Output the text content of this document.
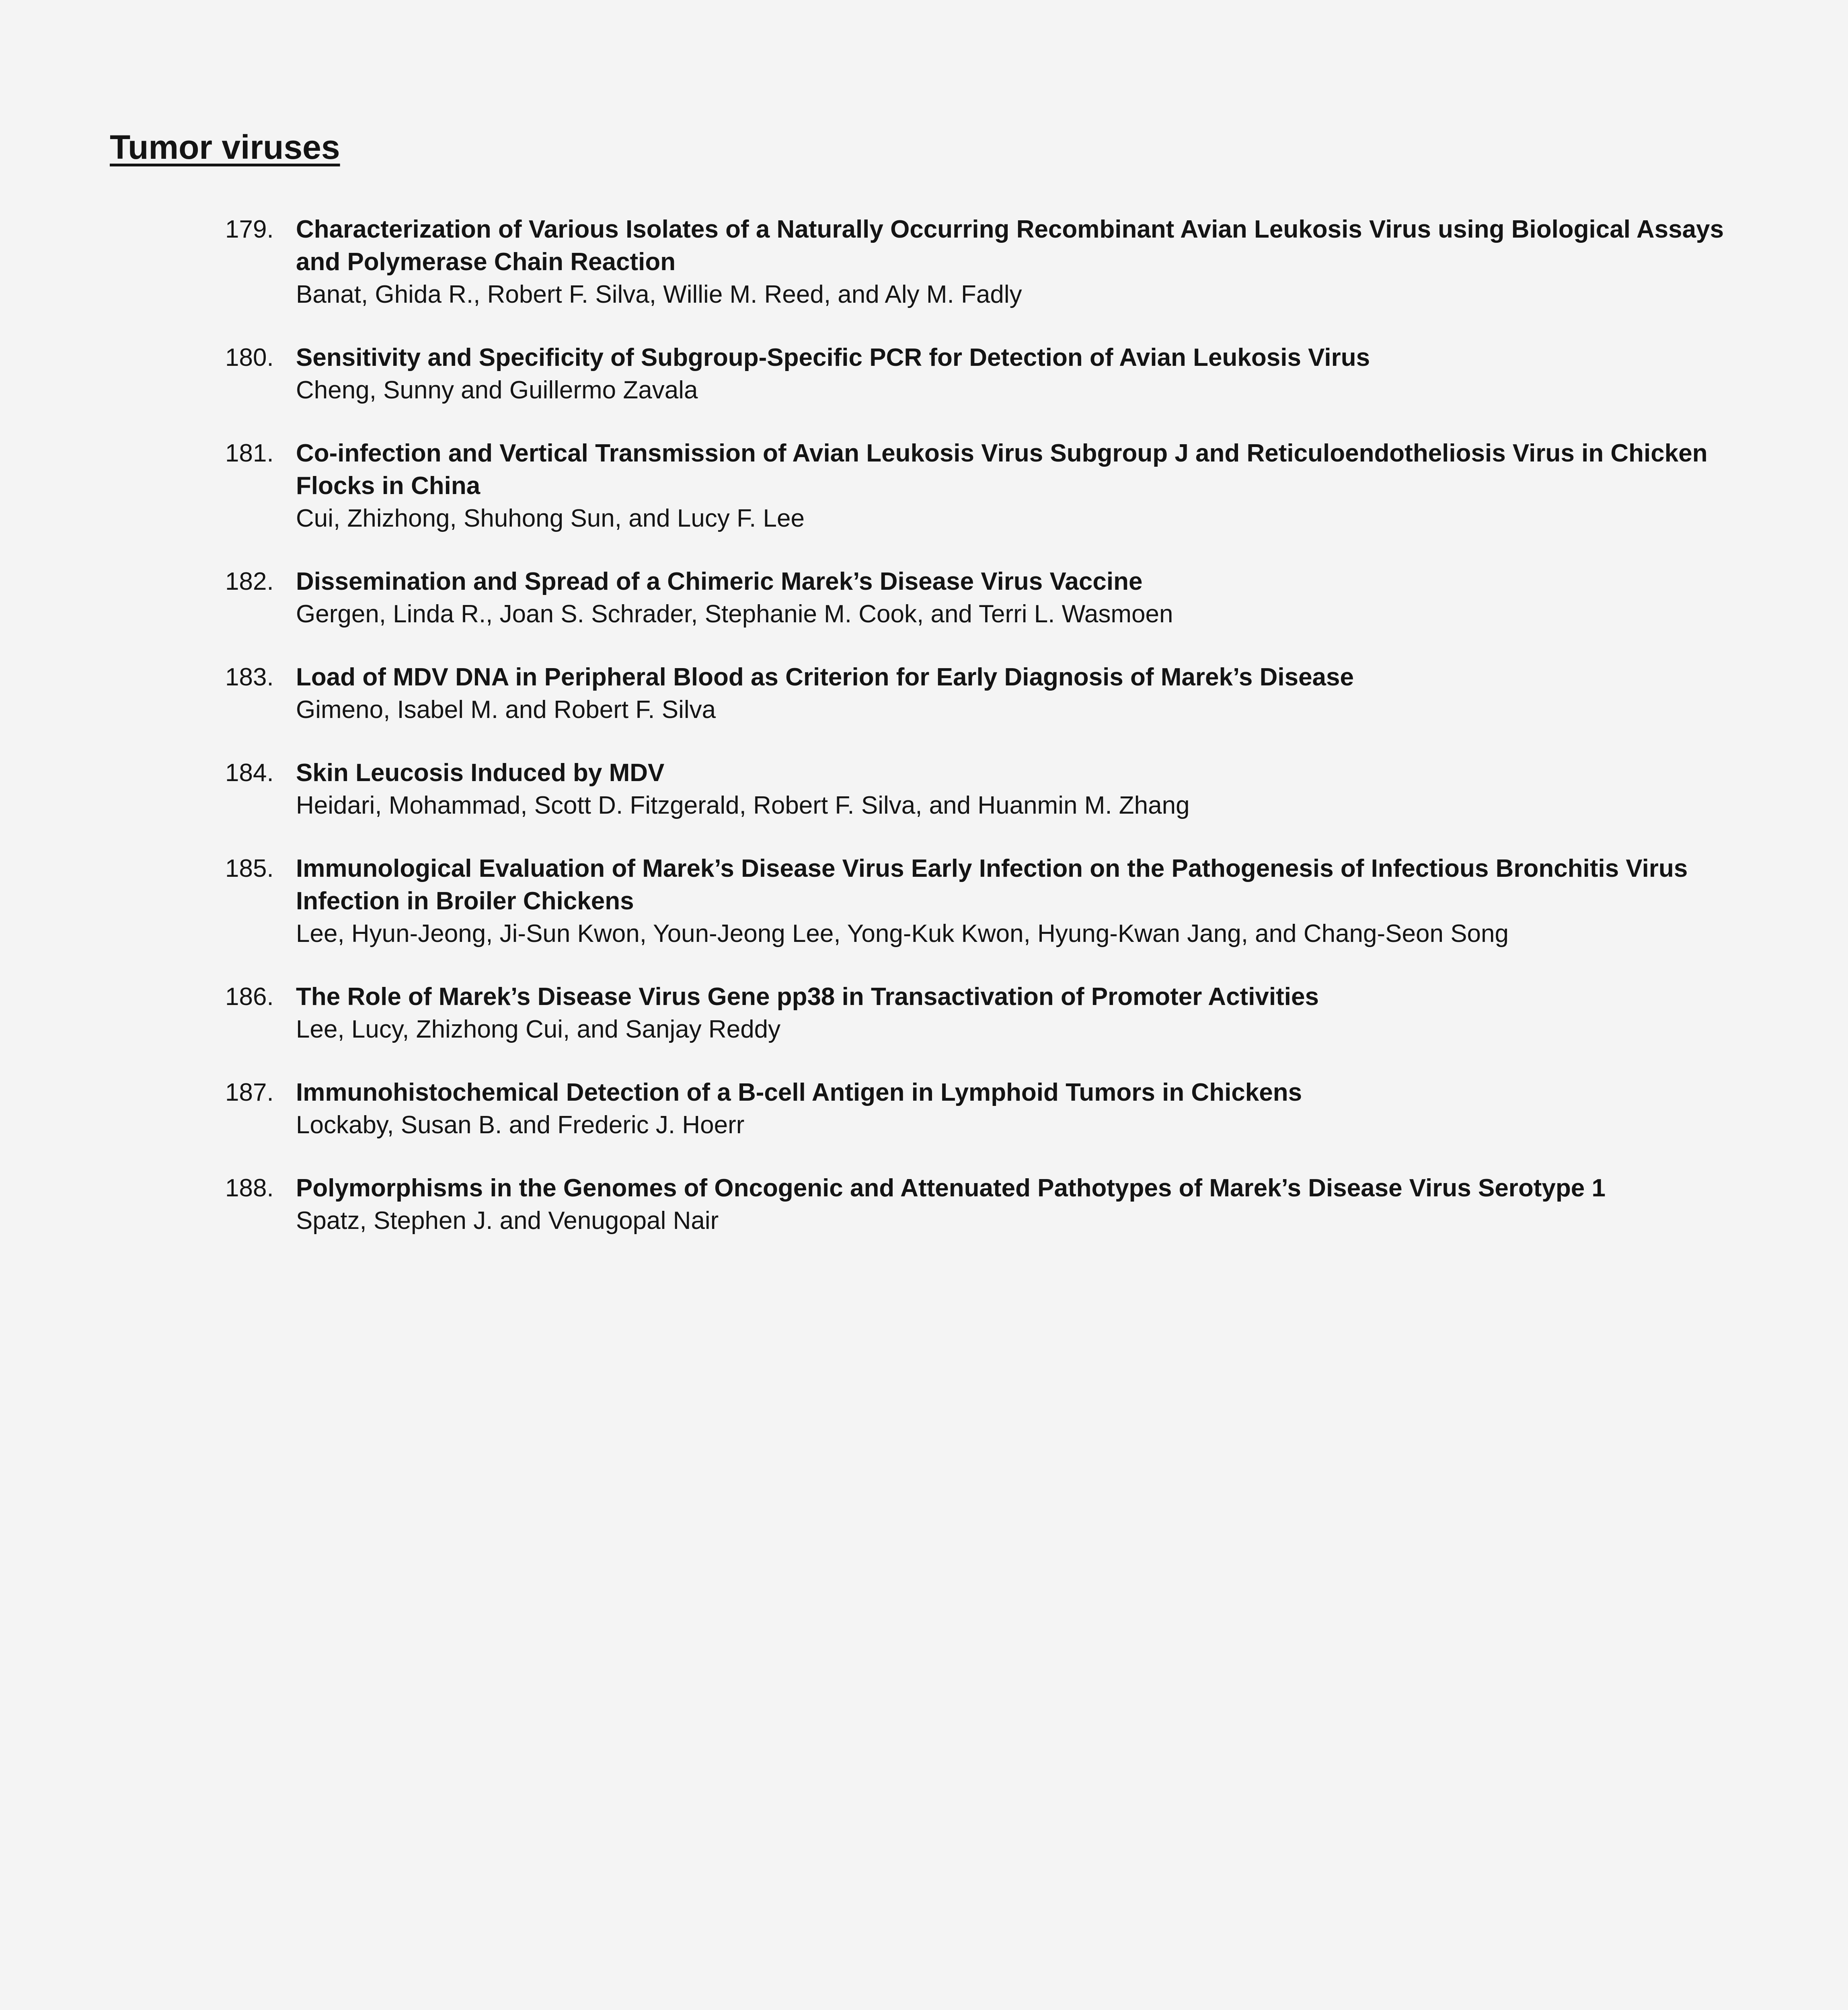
Tumor viruses
179. Characterization of Various Isolates of a Naturally Occurring Recombinant Avian Leukosis Virus using Biological Assays and Polymerase Chain Reaction
Banat, Ghida R., Robert F. Silva, Willie M. Reed, and Aly M. Fadly
180. Sensitivity and Specificity of Subgroup-Specific PCR for Detection of Avian Leukosis Virus
Cheng, Sunny and Guillermo Zavala
181. Co-infection and Vertical Transmission of Avian Leukosis Virus Subgroup J and Reticuloendotheliosis Virus in Chicken Flocks in China
Cui, Zhizhong, Shuhong Sun, and Lucy F. Lee
182. Dissemination and Spread of a Chimeric Marek’s Disease Virus Vaccine
Gergen, Linda R., Joan S. Schrader, Stephanie M. Cook, and Terri L. Wasmoen
183. Load of MDV DNA in Peripheral Blood as Criterion for Early Diagnosis of Marek’s Disease
Gimeno, Isabel M. and Robert F. Silva
184. Skin Leucosis Induced by MDV
Heidari, Mohammad, Scott D. Fitzgerald, Robert F. Silva, and Huanmin M. Zhang
185. Immunological Evaluation of Marek’s Disease Virus Early Infection on the Pathogenesis of Infectious Bronchitis Virus Infection in Broiler Chickens
Lee, Hyun-Jeong, Ji-Sun Kwon, Youn-Jeong Lee, Yong-Kuk Kwon, Hyung-Kwan Jang, and Chang-Seon Song
186. The Role of Marek’s Disease Virus Gene pp38 in Transactivation of Promoter Activities
Lee, Lucy, Zhizhong Cui, and Sanjay Reddy
187. Immunohistochemical Detection of a B-cell Antigen in Lymphoid Tumors in Chickens
Lockaby, Susan B. and Frederic J. Hoerr
188. Polymorphisms in the Genomes of Oncogenic and Attenuated Pathotypes of Marek’s Disease Virus Serotype 1
Spatz, Stephen J. and Venugopal Nair
